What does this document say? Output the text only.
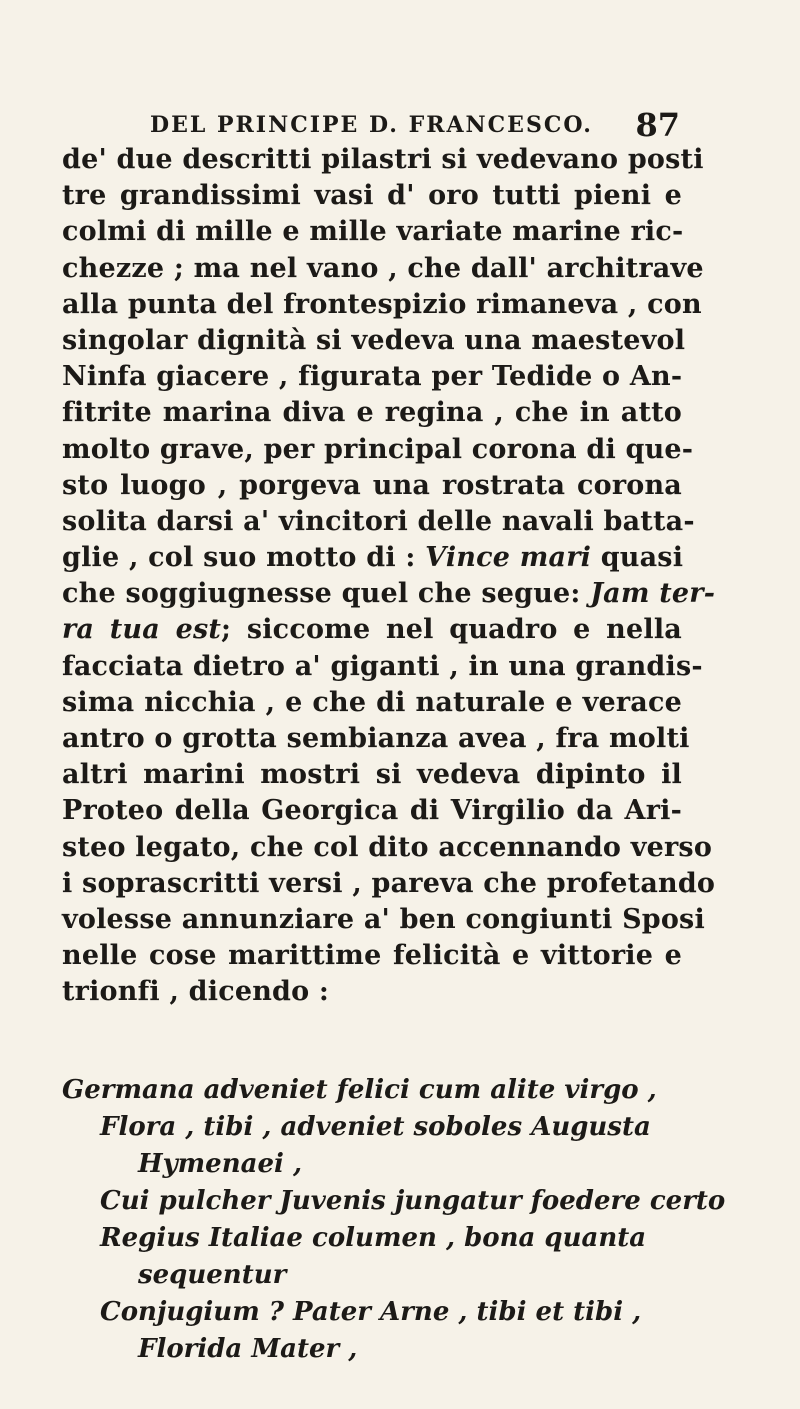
DEL PRINCIPE D. FRANCESCO. 87
de' due descritti pilastri si vedevano posti
tre grandissimi vasi d' oro tutti pieni e
colmi di mille e mille variate marine ric-
chezze ; ma nel vano , che dall' architrave
alla punta del frontespizio rimaneva , con
singolar dignità si vedeva una maestevol
Ninfa giacere , figurata per Tedide o An-
fitrite marina diva e regina , che in atto
molto grave, per principal corona di que-
sto luogo , porgeva una rostrata corona
solita darsi a' vincitori delle navali batta-
glie , col suo motto di : Vince mari quasi
che soggiugnesse quel che segue: Jam ter-
ra tua est; siccome nel quadro e nella
facciata dietro a' giganti , in una grandis-
sima nicchia , e che di naturale e verace
antro o grotta sembianza avea , fra molti
altri marini mostri si vedeva dipinto il
Proteo della Georgica di Virgilio da Ari-
steo legato, che col dito accennando verso
i soprascritti versi , pareva che profetando
volesse annunziare a' ben congiunti Sposi
nelle cose marittime felicità e vittorie e
trionfi , dicendo :
Germana adveniet felici cum alite virgo ,
Flora , tibi , adveniet soboles Augusta
Hymenaei ,
Cui pulcher Juvenis jungatur foedere certo
Regius Italiae columen , bona quanta
sequentur
Conjugium ? Pater Arne , tibi et tibi ,
Florida Mater ,
